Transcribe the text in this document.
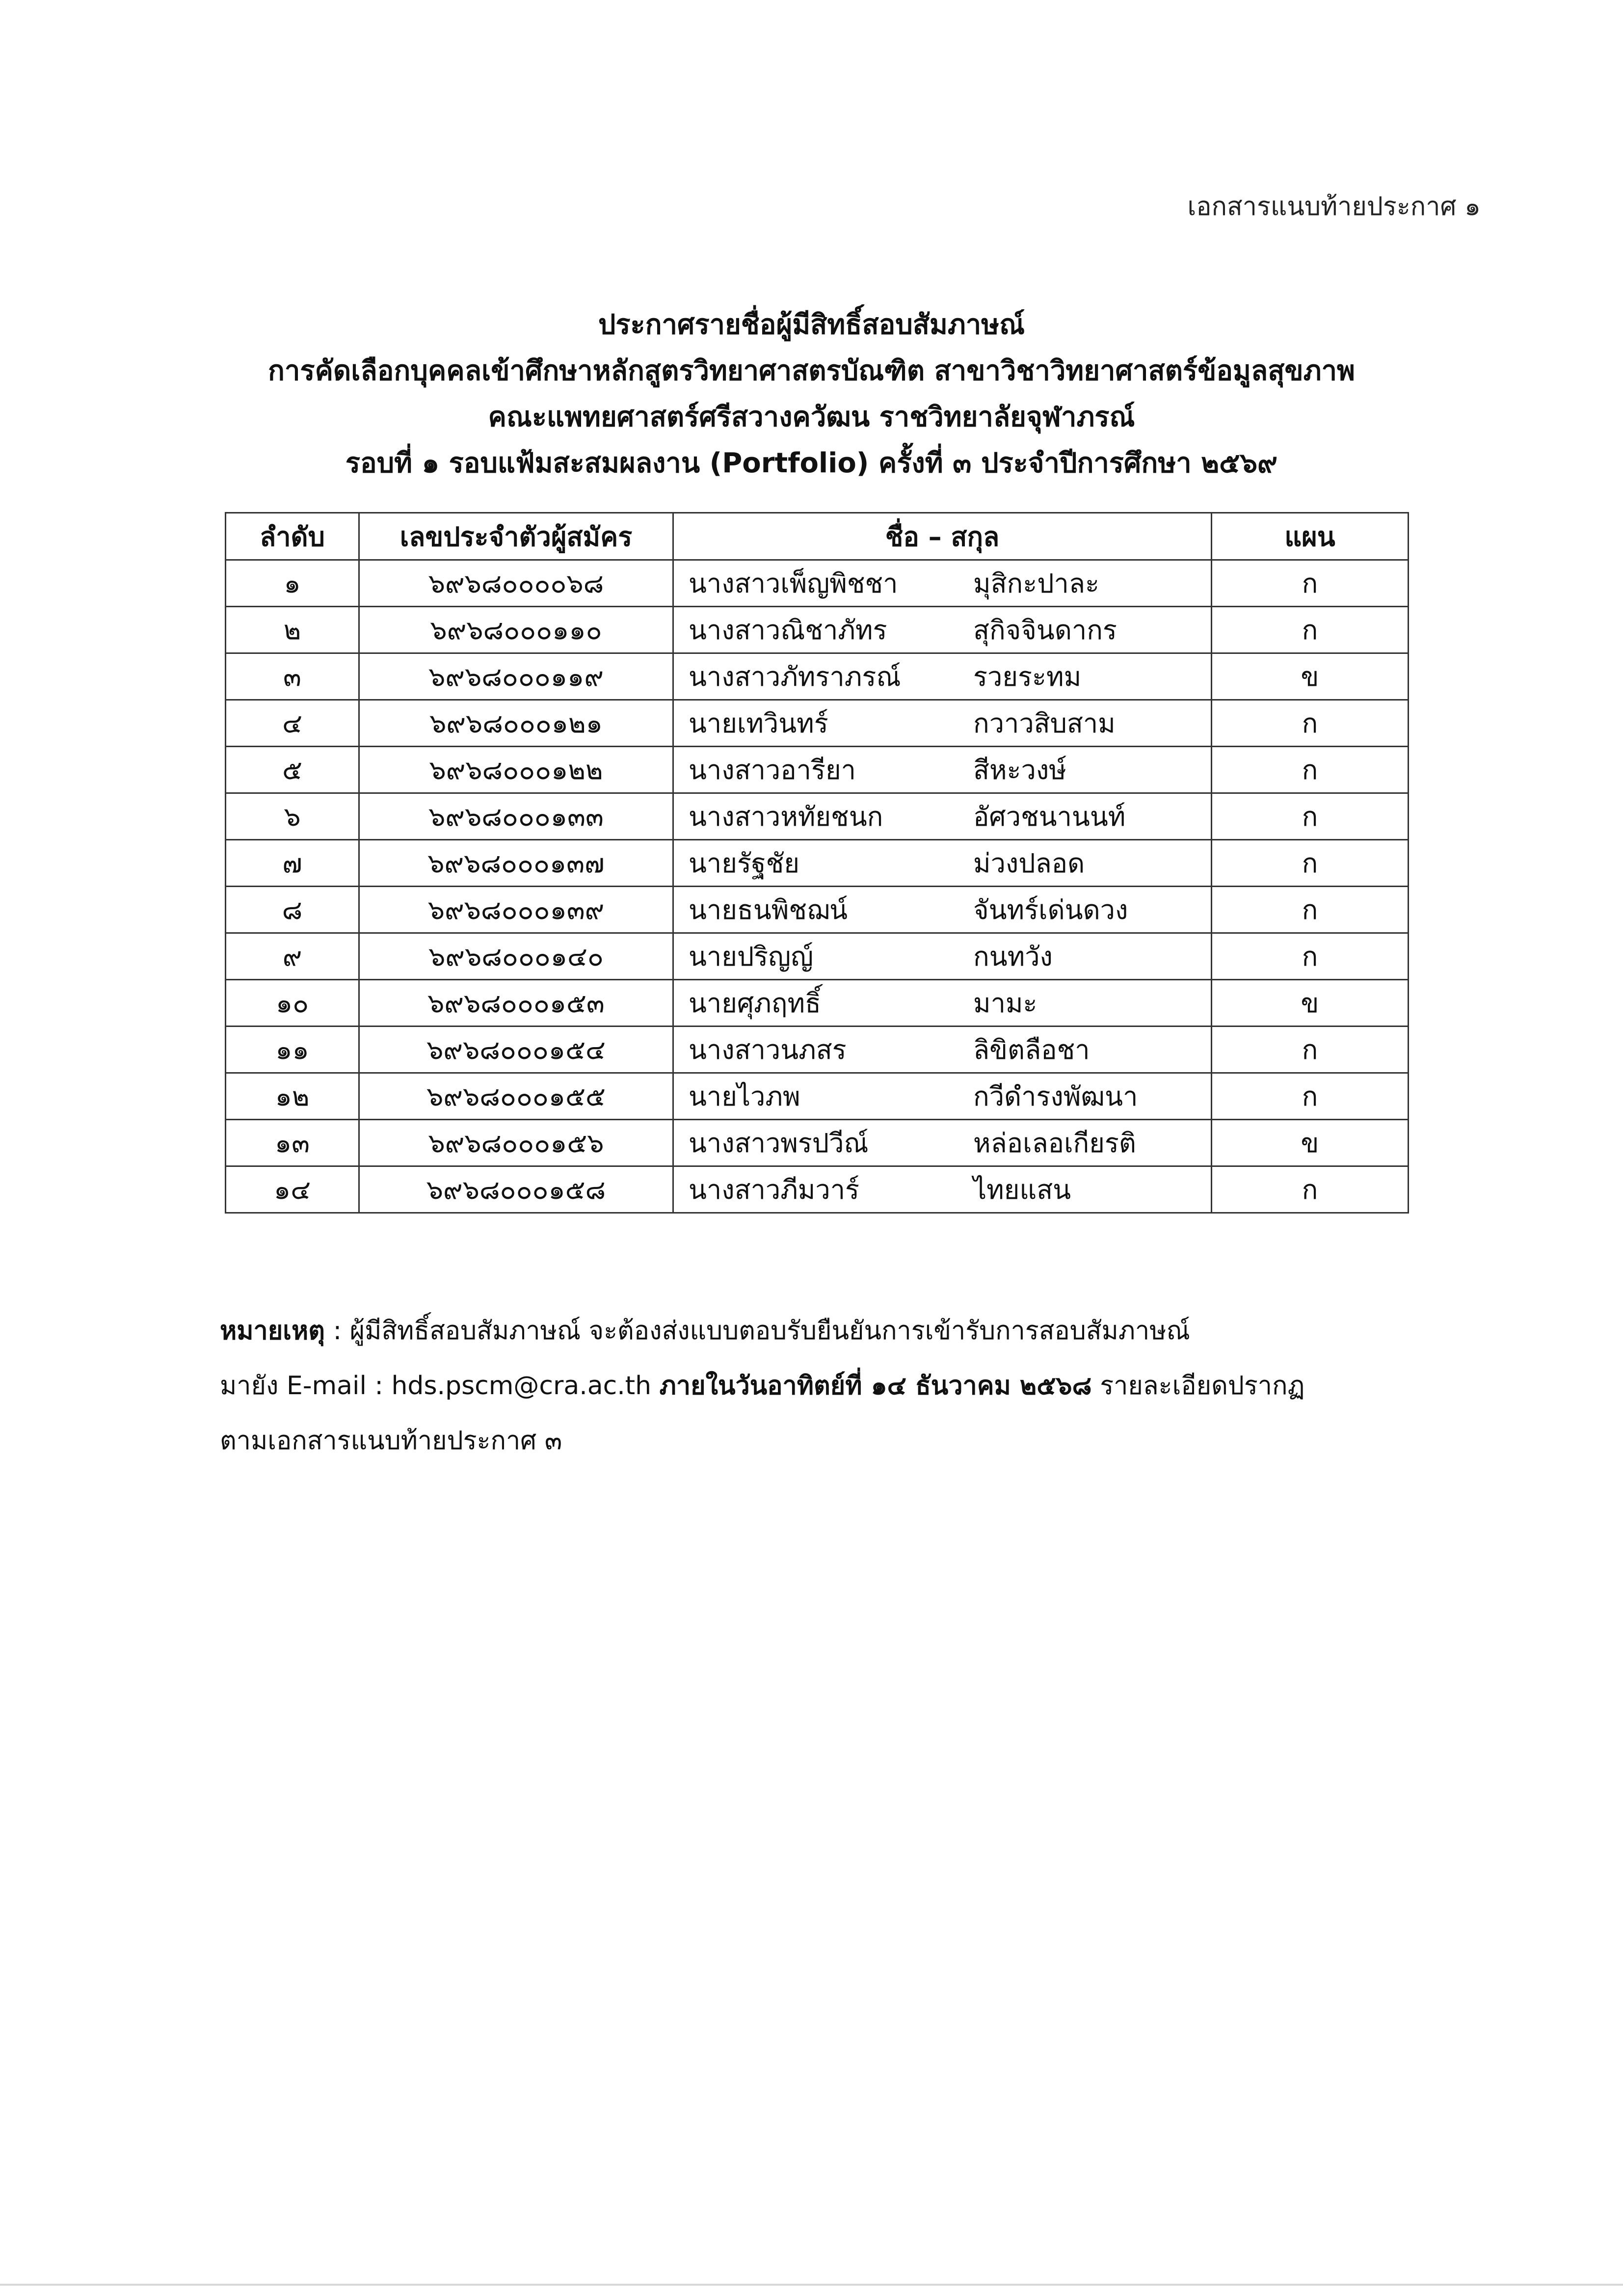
เอกสารแนบท้ายประกาศ ๑
ประกาศรายชื่อผู้มีสิทธิ์สอบสัมภาษณ์
การคัดเลือกบุคคลเข้าศึกษาหลักสูตรวิทยาศาสตรบัณฑิต สาขาวิชาวิทยาศาสตร์ข้อมูลสุขภาพ
คณะแพทยศาสตร์ศรีสวางควัฒน ราชวิทยาลัยจุฬาภรณ์
รอบที่ ๑ รอบแฟ้มสะสมผลงาน (Portfolio) ครั้งที่ ๓ ประจำปีการศึกษา ๒๕๖๙
ลำดับ	เลขประจำตัวผู้สมัคร	ชื่อ – สกุล	แผน
๑	๖๙๖๘๐๐๐๐๖๘	นางสาวเพ็ญพิชชา มุสิกะปาละ	ก
๒	๖๙๖๘๐๐๐๑๑๐	นางสาวณิชาภัทร สุกิจจินดากร	ก
๓	๖๙๖๘๐๐๐๑๑๙	นางสาวภัทราภรณ์ รวยระทม	ข
๔	๖๙๖๘๐๐๐๑๒๑	นายเทวินทร์ กวาวสิบสาม	ก
๕	๖๙๖๘๐๐๐๑๒๒	นางสาวอารียา สีหะวงษ์	ก
๖	๖๙๖๘๐๐๐๑๓๓	นางสาวหทัยชนก อัศวชนานนท์	ก
๗	๖๙๖๘๐๐๐๑๓๗	นายรัฐชัย ม่วงปลอด	ก
๘	๖๙๖๘๐๐๐๑๓๙	นายธนพิชฌน์ จันทร์เด่นดวง	ก
๙	๖๙๖๘๐๐๐๑๔๐	นายปริญญ์ กนทวัง	ก
๑๐	๖๙๖๘๐๐๐๑๕๓	นายศุภฤทธิ์ มามะ	ข
๑๑	๖๙๖๘๐๐๐๑๕๔	นางสาวนภสร ลิขิตลือชา	ก
๑๒	๖๙๖๘๐๐๐๑๕๕	นายไวภพ กวีดำรงพัฒนา	ก
๑๓	๖๙๖๘๐๐๐๑๕๖	นางสาวพรปวีณ์ หล่อเลอเกียรติ	ข
๑๔	๖๙๖๘๐๐๐๑๕๘	นางสาวภีมวาร์ ไทยแสน	ก
หมายเหตุ : ผู้มีสิทธิ์สอบสัมภาษณ์ จะต้องส่งแบบตอบรับยืนยันการเข้ารับการสอบสัมภาษณ์
มายัง E-mail : hds.pscm@cra.ac.th ภายในวันอาทิตย์ที่ ๑๔ ธันวาคม ๒๕๖๘ รายละเอียดปรากฏ
ตามเอกสารแนบท้ายประกาศ ๓
